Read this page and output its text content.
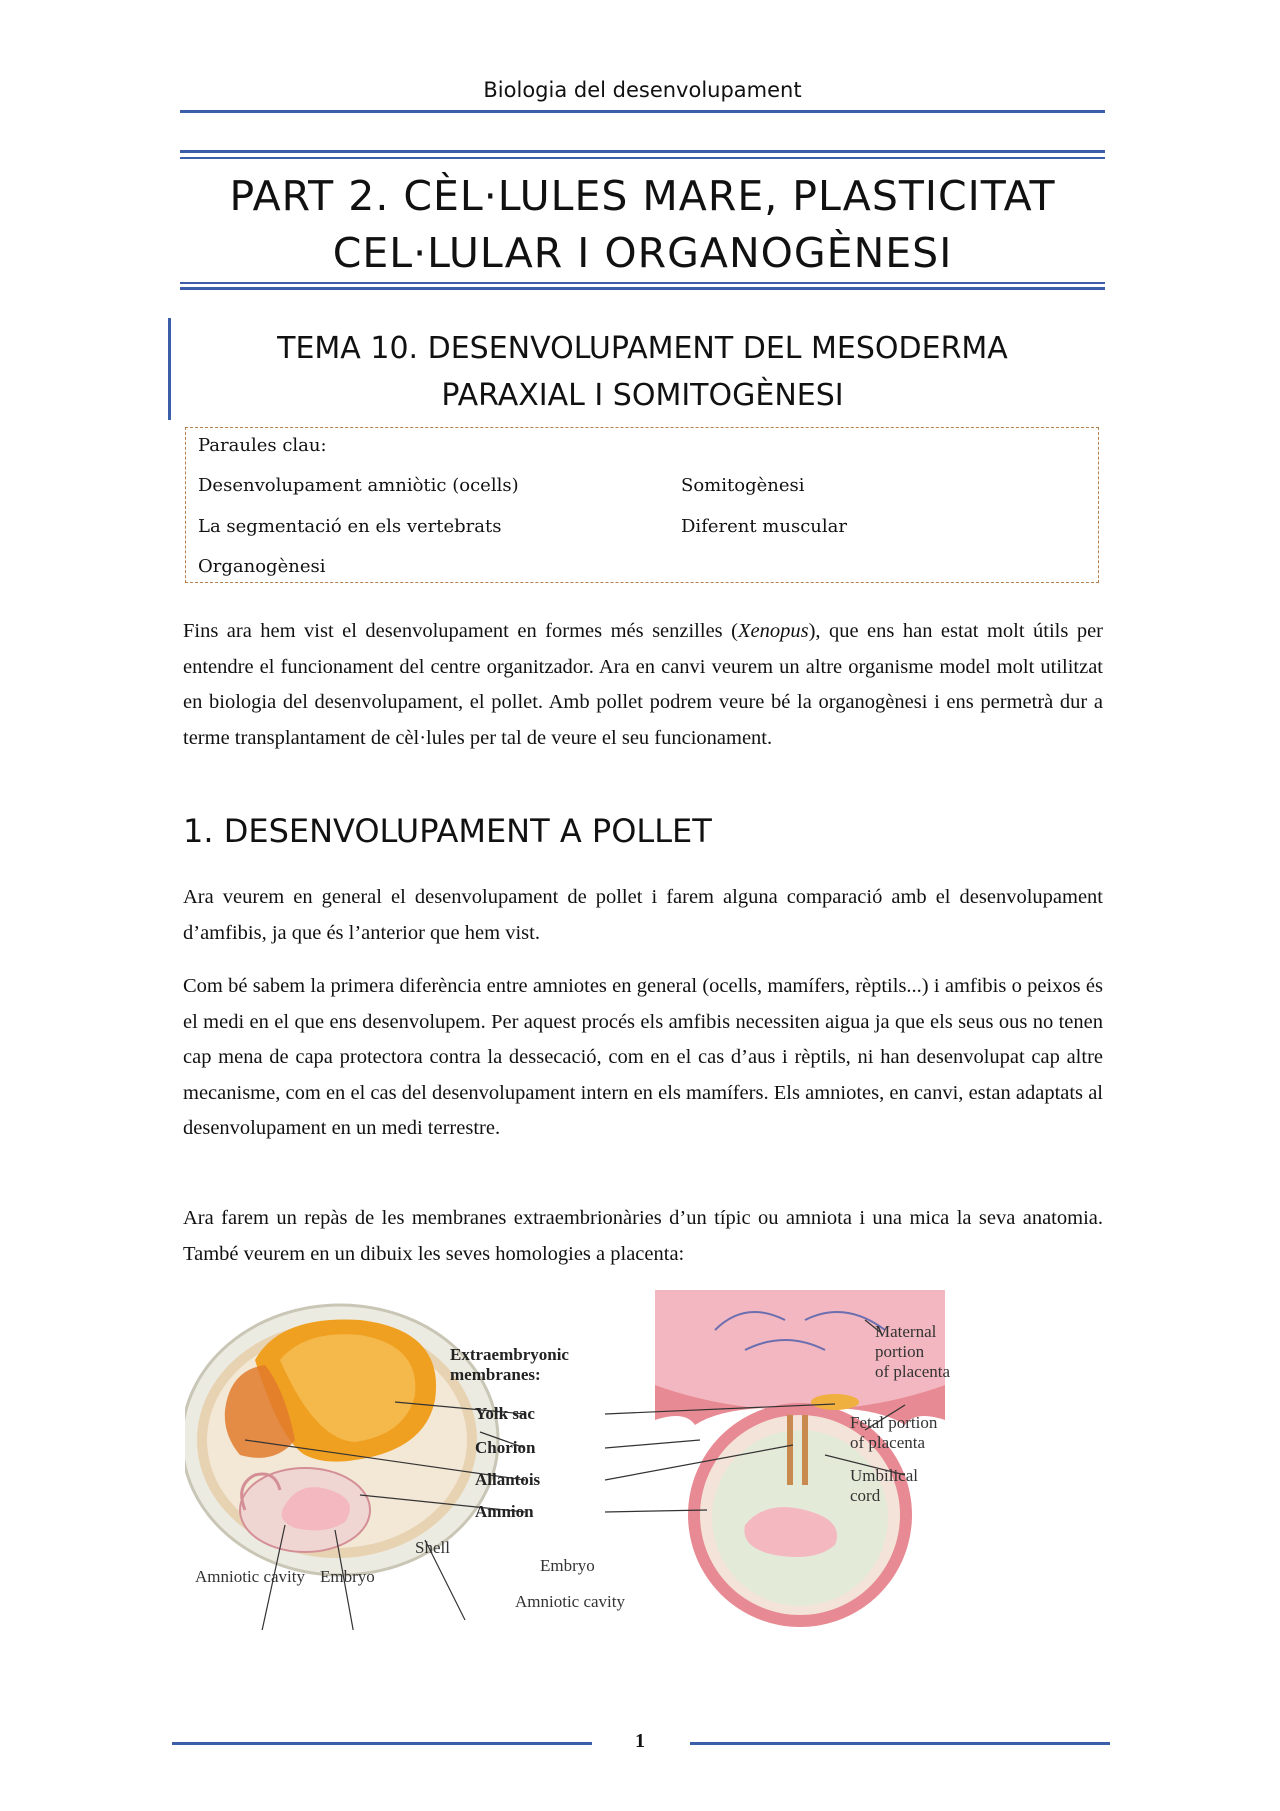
Biologia del desenvolupament
PART 2. CÈL·LULES MARE, PLASTICITAT
CEL·LULAR I ORGANOGÈNESI
TEMA 10. DESENVOLUPAMENT DEL MESODERMA
PARAXIAL I SOMITOGÈNESI
Paraules clau:
Desenvolupament amniòtic (ocells)	Somitogènesi
La segmentació en els vertebrats	Diferent muscular
Organogènesi

Fins ara hem vist el desenvolupament en formes més senzilles (Xenopus), que ens han estat molt útils per entendre el funcionament del centre organitzador. Ara en canvi veurem un altre organisme model molt utilitzat en biologia del desenvolupament, el pollet. Amb pollet podrem veure bé la organogènesi i ens permetrà dur a terme transplantament de cèl·lules per tal de veure el seu funcionament.

1. DESENVOLUPAMENT A POLLET

Ara veurem en general el desenvolupament de pollet i farem alguna comparació amb el desenvolupament d’amfibis, ja que és l’anterior que hem vist.

Com bé sabem la primera diferència entre amniotes en general (ocells, mamífers, rèptils...) i amfibis o peixos és el medi en el que ens desenvolupem. Per aquest procés els amfibis necessiten aigua ja que els seus ous no tenen cap mena de capa protectora contra la dessecació, com en el cas d’aus i rèptils, ni han desenvolupat cap altre mecanisme, com en el cas del desenvolupament intern en els mamífers. Els amniotes, en canvi, estan adaptats al desenvolupament en un medi terrestre.

Ara farem un repàs de les membranes extraembrionàries d’un típic ou amniota i una mica la seva anatomia. També veurem en un dibuix les seves homologies a placenta:

Extraembryonic
membranes:
Yolk sac
Chorion
Allantois
Amnion
Shell
Amniotic cavity Embryo
Maternal
portion
of placenta
Fetal portion
of placenta
Umbilical
cord
Embryo
Amniotic cavity
1
